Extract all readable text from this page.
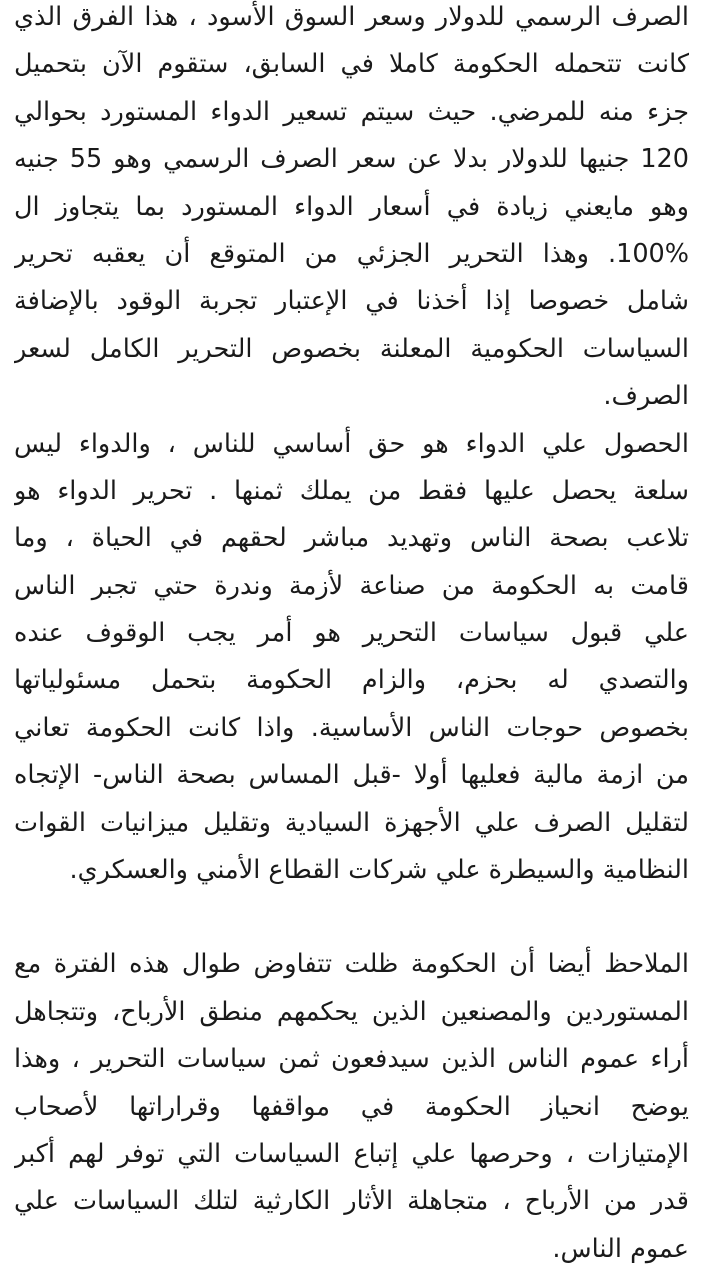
الصرف الرسمي للدولار وسعر السوق الأسود ، هذا الفرق الذي
كانت تتحمله الحكومة كاملا في السابق، ستقوم الآن بتحميل
جزء منه للمرضي. حيث سيتم تسعير الدواء المستورد بحوالي
120 جنيها للدولار بدلا عن سعر الصرف الرسمي وهو 55 جنيه
وهو مايعني زيادة في أسعار الدواء المستورد بما يتجاوز ال
100%. وهذا التحرير الجزئي من المتوقع أن يعقبه تحرير
شامل خصوصا إذا أخذنا في الإعتبار تجربة الوقود بالإضافة
السياسات الحكومية المعلنة بخصوص التحرير الكامل لسعر
الصرف.
الحصول علي الدواء هو حق أساسي للناس ، والدواء ليس
سلعة يحصل عليها فقط من يملك ثمنها . تحرير الدواء هو
تلاعب بصحة الناس وتهديد مباشر لحقهم في الحياة ، وما
قامت به الحكومة من صناعة لأزمة وندرة حتي تجبر الناس
علي قبول سياسات التحرير هو أمر يجب الوقوف عنده
والتصدي له بحزم، والزام الحكومة بتحمل مسئولياتها
بخصوص حوجات الناس الأساسية. واذا كانت الحكومة تعاني
من ازمة مالية فعليها أولا -قبل المساس بصحة الناس- الإتجاه
لتقليل الصرف علي الأجهزة السيادية وتقليل ميزانيات القوات
النظامية والسيطرة علي شركات القطاع الأمني والعسكري.
الملاحظ أيضا أن الحكومة ظلت تتفاوض طوال هذه الفترة مع
المستوردين والمصنعين الذين يحكمهم منطق الأرباح، وتتجاهل
أراء عموم الناس الذين سيدفعون ثمن سياسات التحرير ، وهذا
يوضح انحياز الحكومة في مواقفها وقراراتها لأصحاب
الإمتيازات ، وحرصها علي إتباع السياسات التي توفر لهم أكبر
قدر من الأرباح ، متجاهلة الأثار الكارثية لتلك السياسات علي
عموم الناس.
